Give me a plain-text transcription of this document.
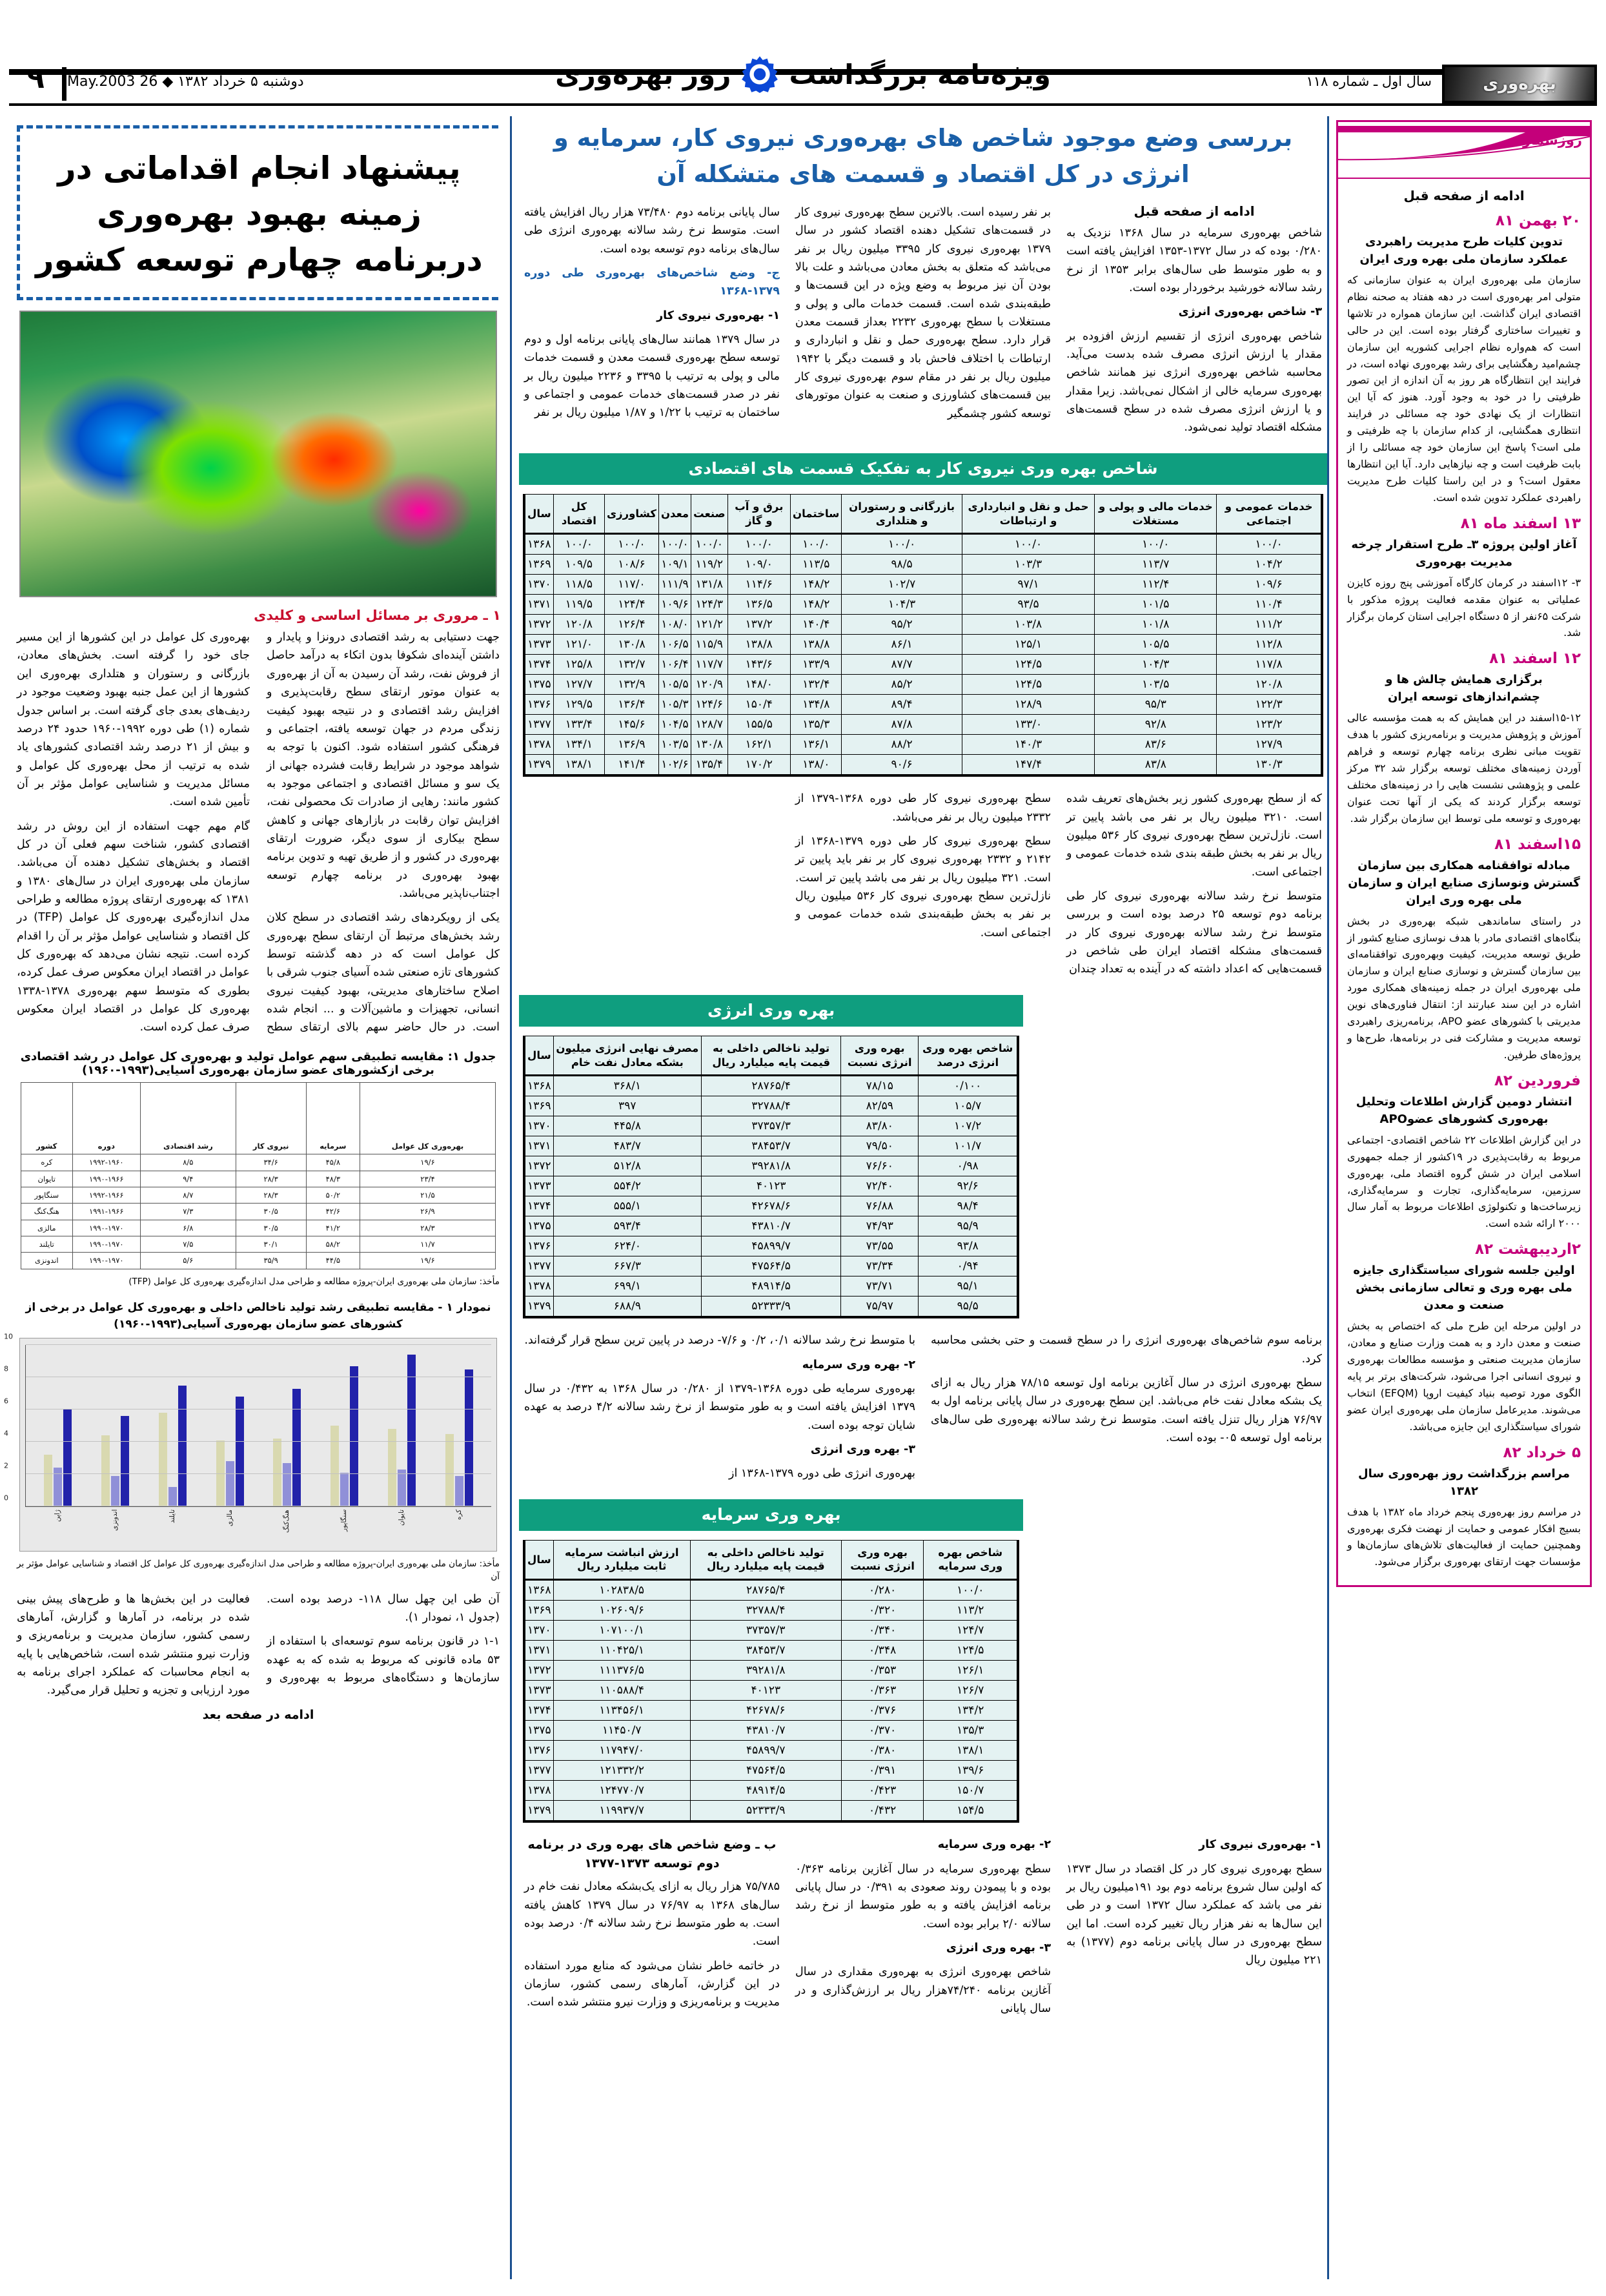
۹ دوشنبه ۵ خرداد ۱۳۸۲ ◆ 26 May.2003	ویژه‌نامه بزرگداشت
روز بهره‌وری	سال اول ـ شماره ۱۱۸	بهره‌وری
پیشنهاد انجام اقداماتی در زمینه بهبود بهره‌وری دربرنامه چهارم توسعه کشور
۱ ـ مروری بر مسائل اساسی و کلیدی

جهت دستیابی به رشد اقتصادی درونزا و پایدار و داشتن آینده‌ای شکوفا بدون اتکاء به درآمد حاصل از فروش نفت، رشد آن رسیدن به آن از بهره‌وری به عنوان موتور ارتقای سطح رقابت‌پذیری و افزایش رشد اقتصادی و در نتیجه بهبود کیفیت زندگی مردم در جهان توسعه یافته، اجتماعی و فرهنگی کشور استفاده شود. اکنون با توجه به شواهد موجود در شرایط رقابت فشرده جهانی از یک سو و مسائل اقتصادی و اجتماعی موجود به کشور مانند: رهایی از صادرات تک محصولی نفت، افزایش توان رقابت در بازارهای جهانی و کاهش سطح بیکاری از سوی دیگر، ضرورت ارتقای بهره‌وری در کشور و از طریق تهیه و تدوین برنامه بهبود بهره‌وری در برنامه چهارم توسعه اجتناب‌ناپذیر می‌باشد.

یکی از رویکردهای رشد اقتصادی در سطح کلان رشد بخش‌های مرتبط آن ارتقای سطح بهره‌وری کل عوامل است که در دهه گذشته توسط کشورهای تازه صنعتی شده آسیای جنوب شرقی با اصلاح ساختارهای مدیریتی، بهبود کیفیت نیروی انسانی، تجهیزات و ماشین‌آلات و ... انجام شده است. در حال حاضر سهم بالای ارتقای سطح بهره‌وری کل عوامل در این کشورها از این مسیر جای خود را گرفته است. بخش‌های معادن، بازرگانی و رستوران و هتلداری بهره‌وری این کشورها از این عمل جنبه بهبود وضعیت موجود در ردیف‌های بعدی جای گرفته است. بر اساس جدول شماره (۱) طی دوره ۱۹۹۲-۱۹۶۰ حدود ۲۴ درصد و بیش از ۲۱ درصد رشد اقتصادی کشورهای یاد شده به ترتیب از محل بهره‌وری کل عوامل و مسائل مدیریت و شناسایی عوامل مؤثر بر آن تأمین شده است.

گام مهم جهت استفاده از این روش در رشد اقتصادی کشور، شناخت سهم فعلی آن در کل اقتصاد و بخش‌های تشکیل دهنده آن می‌باشد. سازمان ملی بهره‌وری ایران در سال‌های ۱۳۸۰ و ۱۳۸۱ که بهره‌وری ارتقای پروژه مطالعه و طراحی مدل اندازه‌گیری بهره‌وری کل عوامل (TFP) در کل اقتصاد و شناسایی عوامل مؤثر بر آن را اقدام کرده است. نتیجه نشان می‌دهد که بهره‌وری کل عوامل در اقتصاد ایران معکوس صرف عمل کرده، بطوری که متوسط سهم بهره‌وری ۱۳۷۸-۱۳۳۸ بهره‌وری کل عوامل در اقتصاد ایران معکوس صرف عمل کرده است.

جدول ۱: مقایسه تطبیقی سهم عوامل تولید و بهره‌وری کل عوامل در رشد اقتصادی برخی ازکشورهای عضو سازمان بهره‌وری آسیایی(۱۹۹۳-۱۹۶۰)
بهره‌وری کل عوامل	سرمایه	نیروی کار	رشد اقتصادی	دوره	کشور
۱۹/۶	۴۵/۸	۳۴/۶	۸/۵	۱۹۹۲-۱۹۶۰	کره
۲۳/۴	۴۸/۳	۲۸/۳	۹/۴	۱۹۹۰-۱۹۶۶	تایوان
۲۱/۵	۵۰/۲	۲۸/۳	۸/۷	۱۹۹۲-۱۹۶۶	سنگاپور
۲۶/۹	۴۲/۶	۳۰/۵	۷/۳	۱۹۹۱-۱۹۶۶	هنگ‌کنگ
۲۸/۳	۴۱/۲	۳۰/۵	۶/۸	۱۹۹۰-۱۹۷۰	مالزی
۱۱/۷	۵۸/۲	۳۰/۱	۷/۵	۱۹۹۰-۱۹۷۰	تایلند
۱۹/۶	۴۴/۵	۳۵/۹	۵/۶	۱۹۹۰-۱۹۷۰	اندونزی
مأخذ: سازمان ملی بهره‌وری ایران-پروژه مطالعه و طراحی مدل اندازه‌گیری بهره‌وری کل عوامل (TFP)
نمودار ۱ - مقایسه تطبیقی رشد تولید ناخالص داخلی و بهره‌وری کل عوامل در برخی از کشورهای عضو سازمان بهره‌وری آسیایی(۱۹۹۳-۱۹۶۰)
0
2
4
6
8
10
کره
تایوان
سنگاپور
هنگ‌کنگ
مالزی
تایلند
اندونزی
ژاپن
مأخذ: سازمان ملی بهره‌وری ایران-پروژه مطالعه و طراحی مدل اندازه‌گیری بهره‌وری کل عوامل کل اقتصاد و شناسایی عوامل مؤثر بر آن

آن طی این چهل سال ۱۱۸- درصد بوده است. (جدول ۱، نمودار ۱).

۱-۱ در قانون برنامه سوم توسعه‌ای با استفاده از ۵۳ ماده قانونی که مربوط به شده که به عهده سازمان‌ها و دستگاه‌های مربوط به بهره‌وری و فعالیت در این بخش‌ها ها و طرح‌های پیش بینی شده در برنامه، در آمارها و گزارش، آمارهای رسمی کشور، سازمان مدیریت و برنامه‌ریزی و وزارت نیرو منتشر شده است، شاخص‌هایی با پایه به انجام محاسبات که عملکرد اجرای برنامه به مورد ارزیابی و تجزیه و تحلیل قرار می‌گیرد.

ادامه در صفحه بعد
بررسی وضع موجود شاخص های بهره‌وری نیروی کار، سرمایه و انرژی در کل اقتصاد و قسمت های متشکله آن
ادامه از صفحه قبل

شاخص بهره‌وری سرمایه در سال ۱۳۶۸ نزدیک به ۰/۲۸۰ بوده که در سال ۱۳۷۲-۱۳۵۳ افزایش یافته است و به طور متوسط طی سال‌های برابر ۱۳۵۳ از نرخ رشد سالانه خورشید برخوردار بوده است.

۳- شاخص بهره‌وری انرژی

شاخص بهره‌وری انرژی از تقسیم ارزش افزوده بر مقدار یا ارزش انرژی مصرف شده بدست می‌آید. محاسبه شاخص بهره‌وری انرژی نیز همانند شاخص بهره‌وری سرمایه خالی از اشکال نمی‌باشد. زیرا مقدار و یا ارزش انرژی مصرف شده در سطح قسمت‌های مشکله اقتصاد تولید نمی‌شود.

بر نفر رسیده است. بالاترین سطح بهره‌وری نیروی کار در قسمت‌های تشکیل دهنده اقتصاد کشور در سال ۱۳۷۹ بهره‌وری نیروی کار ۳۳۹۵ میلیون ریال بر نفر می‌باشد که متعلق به بخش معادن می‌باشد و علت بالا بودن آن نیز مربوط به وضع ویژه در این قسمت‌ها و طبقه‌بندی شده است. قسمت خدمات مالی و پولی و مستغلات با سطح بهره‌وری ۲۲۳۲ بعداز قسمت معدن قرار دارد. سطح بهره‌وری حمل و نقل و انبارداری و ارتباطات با اختلاف فاحش باد و قسمت دیگر با ۱۹۴۲ میلیون ریال بر نفر در مقام سوم بهره‌وری نیروی کار بین قسمت‌های کشاورزی و صنعت به عنوان موتورهای توسعه کشور چشمگیر

سال پایانی برنامه دوم ۷۳/۴۸۰ هزار ریال افزایش یافته است. متوسط نرخ رشد سالانه بهره‌وری انرژی طی سال‌های برنامه دوم توسعه بوده است.

ج- وضع شاخص‌های بهره‌وری طی دوره ۱۳۷۹-۱۳۶۸

۱- بهره‌وری نیروی کار

در سال ۱۳۷۹ همانند سال‌های پایانی برنامه اول و دوم توسعه سطح بهره‌وری قسمت معدن و قسمت خدمات مالی و پولی به ترتیب با ۳۳۹۵ و ۲۲۳۶ میلیون ریال بر نفر در صدر قسمت‌های خدمات عمومی و اجتماعی و ساختمان به ترتیب با ۱/۲۲ و ۱/۸۷ میلیون ریال بر نفر

شاخص بهره وری نیروی کار به تفکیک قسمت های اقتصادی
خدمات عمومی و اجتماعی	خدمات مالی و پولی و مستغلات	حمل و نقل و انبارداری و ارتباطات	بازرگانی و رستوران و هتلداری	ساختمان	برق و آب و گاز	صنعت	معدن	کشاورزی	کل اقتصاد	سال
۱۰۰/۰	۱۰۰/۰	۱۰۰/۰	۱۰۰/۰	۱۰۰/۰	۱۰۰/۰	۱۰۰/۰	۱۰۰/۰	۱۰۰/۰	۱۰۰/۰	۱۳۶۸
۱۰۴/۲	۱۱۳/۷	۱۰۳/۳	۹۸/۵	۱۱۳/۵	۱۰۹/۰	۱۱۹/۲	۱۰۹/۱	۱۰۸/۶	۱۰۹/۵	۱۳۶۹
۱۰۹/۶	۱۱۲/۴	۹۷/۱	۱۰۲/۷	۱۴۸/۲	۱۱۴/۶	۱۳۱/۸	۱۱۱/۹	۱۱۷/۰	۱۱۸/۵	۱۳۷۰
۱۱۰/۴	۱۰۱/۵	۹۳/۵	۱۰۴/۳	۱۴۸/۲	۱۳۶/۵	۱۲۴/۳	۱۰۹/۶	۱۲۴/۴	۱۱۹/۵	۱۳۷۱
۱۱۱/۲	۱۰۱/۸	۱۰۳/۸	۹۵/۲	۱۴۰/۴	۱۳۷/۲	۱۲۱/۲	۱۰۸/۰	۱۲۶/۴	۱۲۰/۸	۱۳۷۲
۱۱۲/۸	۱۰۵/۵	۱۲۵/۱	۸۶/۱	۱۳۸/۸	۱۳۸/۸	۱۱۵/۹	۱۰۶/۵	۱۳۰/۸	۱۲۱/۰	۱۳۷۳
۱۱۷/۸	۱۰۴/۳	۱۲۴/۵	۸۷/۷	۱۳۳/۹	۱۴۳/۶	۱۱۷/۷	۱۰۶/۴	۱۳۲/۷	۱۲۵/۸	۱۳۷۴
۱۲۰/۸	۱۰۳/۵	۱۲۴/۵	۸۵/۲	۱۳۲/۴	۱۴۸/۰	۱۲۰/۹	۱۰۵/۵	۱۳۲/۹	۱۲۷/۷	۱۳۷۵
۱۲۲/۳	۹۵/۳	۱۲۸/۹	۸۹/۴	۱۳۴/۸	۱۵۰/۴	۱۲۴/۶	۱۰۵/۳	۱۳۶/۴	۱۲۹/۵	۱۳۷۶
۱۲۳/۲	۹۲/۸	۱۳۳/۰	۸۷/۸	۱۳۵/۳	۱۵۵/۵	۱۲۸/۷	۱۰۴/۵	۱۴۵/۶	۱۳۳/۴	۱۳۷۷
۱۲۷/۹	۸۳/۶	۱۴۰/۳	۸۸/۲	۱۳۶/۱	۱۶۲/۱	۱۳۰/۸	۱۰۳/۵	۱۳۶/۹	۱۳۴/۱	۱۳۷۸
۱۳۰/۳	۸۳/۸	۱۴۷/۴	۹۰/۶	۱۳۸/۰	۱۷۰/۲	۱۳۵/۴	۱۰۲/۶	۱۴۱/۴	۱۳۸/۱	۱۳۷۹

که از سطح بهره‌وری کشور زیر بخش‌های تعریف شده است. ۳۲۱۰ میلیون ریال بر نفر می باشد پایین تر است. نازل‌ترین سطح بهره‌وری نیروی کار ۵۳۶ میلیون ریال بر نفر به بخش طبقه بندی شده خدمات عمومی و اجتماعی است.

متوسط نرخ رشد سالانه بهره‌وری نیروی کار طی برنامه دوم توسعه ۲۵ درصد بوده است و بررسی متوسط نرخ رشد سالانه بهره‌وری نیروی کار در قسمت‌های مشکله اقتصاد ایران طی شاخص در قسمت‌هایی که اعداد داشته که در آینده به تعداد چندان

سطح بهره‌وری نیروی کار طی دوره ۱۳۶۸-۱۳۷۹ از ۲۳۳۲ میلیون ریال بر نفر می‌باشد.

سطح بهره‌وری نیروی کار طی دوره ۱۳۷۹-۱۳۶۸ از ۲۱۴۲ و ۲۳۳۲ بهره‌وری نیروی کار بر نفر باید پایین تر است. ۳۲۱ میلیون ریال بر نفر می باشد پایین تر است. نازل‌ترین سطح بهره‌وری نیروی کار ۵۳۶ میلیون ریال بر نفر به بخش طبقه‌بندی شده خدمات عمومی و اجتماعی است.

بهره وری انرژی
شاخص بهره وری انرژی درصد	بهره وری انرژی نسبت	تولید ناخالص داخلی به قیمت پایه میلیارد ریال	مصرف نهایی انرژی میلیون بشکه معادل نفت خام	سال
۰/۱۰۰	۷۸/۱۵	۲۸۷۶۵/۴	۳۶۸/۱	۱۳۶۸
۱۰۵/۷	۸۲/۵۹	۳۲۷۸۸/۴	۳۹۷	۱۳۶۹
۱۰۷/۲	۸۳/۸۰	۳۷۳۵۷/۳	۴۴۵/۸	۱۳۷۰
۱۰۱/۷	۷۹/۵۰	۳۸۴۵۳/۷	۴۸۳/۷	۱۳۷۱
۰/۹۸	۷۶/۶۰	۳۹۲۸۱/۸	۵۱۲/۸	۱۳۷۲
۹۲/۶	۷۲/۴۰	۴۰۱۲۳	۵۵۴/۲	۱۳۷۳
۹۸/۴	۷۶/۸۸	۴۲۶۷۸/۶	۵۵۵/۱	۱۳۷۴
۹۵/۹	۷۴/۹۳	۴۳۸۱۰/۷	۵۹۳/۴	۱۳۷۵
۹۳/۸	۷۳/۵۵	۴۵۸۹۹/۷	۶۲۴/۰	۱۳۷۶
۰/۹۴	۷۳/۳۴	۴۷۵۶۴/۵	۶۶۷/۳	۱۳۷۷
۹۵/۱	۷۳/۷۱	۴۸۹۱۴/۵	۶۹۹/۱	۱۳۷۸
۹۵/۵	۷۵/۹۷	۵۲۳۳۳/۹	۶۸۸/۹	۱۳۷۹

برنامه سوم شاخص‌های بهره‌وری انرژی را در سطح قسمت و حتی بخشی محاسبه کرد.

سطح بهره‌وری انرژی در سال آغازین برنامه اول توسعه ۷۸/۱۵ هزار ریال به ازای یک بشکه معادل نفت خام می‌باشد. این سطح بهره‌وری در سال پایانی برنامه اول به ۷۶/۹۷ هزار ریال تنزل یافته است. متوسط نرخ رشد سالانه بهره‌وری طی سال‌های برنامه اول توسعه ۰۵- بوده است.

با متوسط نرخ رشد سالانه ۰/۱، ۰/۲ و ۷/۶- درصد در پایین ترین سطح قرار گرفته‌اند.

۲- بهره وری سرمایه

بهره‌وری سرمایه طی دوره ۱۳۶۸-۱۳۷۹ از ۰/۲۸۰ در سال ۱۳۶۸ به ۰/۴۳۲ در سال ۱۳۷۹ افزایش یافته است و به طور متوسط از نرخ رشد سالانه ۴/۲ درصد به عهده شایان توجه بوده است.

۳- بهره وری انرژی

بهره‌وری انرژی طی دوره ۱۳۷۹-۱۳۶۸ از

بهره وری سرمایه
شاخص بهره وری سرمایه	بهره وری انرژی نسبت	تولید ناخالص داخلی به قیمت پایه میلیارد ریال	ارزش انباشت سرمایه ثابت میلیارد ریال	سال
۱۰۰/۰	۰/۲۸۰	۲۸۷۶۵/۴	۱۰۲۸۳۸/۵	۱۳۶۸
۱۱۳/۲	۰/۳۲۰	۳۲۷۸۸/۴	۱۰۲۶۰۹/۶	۱۳۶۹
۱۲۴/۷	۰/۳۴۰	۳۷۳۵۷/۳	۱۰۷۱۰۰/۱	۱۳۷۰
۱۲۴/۵	۰/۳۴۸	۳۸۴۵۳/۷	۱۱۰۴۲۵/۱	۱۳۷۱
۱۲۶/۱	۰/۳۵۳	۳۹۲۸۱/۸	۱۱۱۳۷۶/۵	۱۳۷۲
۱۲۶/۷	۰/۳۶۳	۴۰۱۲۳	۱۱۰۵۸۸/۴	۱۳۷۳
۱۳۴/۲	۰/۳۷۶	۴۲۶۷۸/۶	۱۱۳۴۵۶/۱	۱۳۷۴
۱۳۵/۳	۰/۳۷۰	۴۳۸۱۰/۷	۱۱۴۵۰/۷	۱۳۷۵
۱۳۸/۱	۰/۳۸۰	۴۵۸۹۹/۷	۱۱۷۹۴۷/۰	۱۳۷۶
۱۳۹/۶	۰/۳۹۱	۴۷۵۶۴/۵	۱۲۱۳۳۲/۲	۱۳۷۷
۱۵۰/۷	۰/۴۲۳	۴۸۹۱۴/۵	۱۲۴۷۷۰/۷	۱۳۷۸
۱۵۴/۵	۰/۴۳۲	۵۲۳۳۳/۹	۱۱۹۹۳۷/۷	۱۳۷۹

۱- بهره‌وری نیروی کار

سطح بهره‌وری نیروی کار در کل اقتصاد در سال ۱۳۷۳ که اولین سال شروع برنامه دوم بود ۱۹۱میلیون ریال بر نفر می باشد که عملکرد سال ۱۳۷۲ است و در طی این سال‌ها به نفر هزار ریال تغییر کرده است. اما این سطح بهره‌وری در سال پایانی برنامه دوم (۱۳۷۷) به ۲۲۱ میلیون ریال

۲- بهره وری سرمایه

سطح بهره‌وری سرمایه در سال آغازین برنامه ۰/۳۶۳ بوده و با پیمودن روند صعودی به ۰/۳۹۱ در سال پایانی برنامه افزایش یافته و به طور متوسط از نرخ رشد سالانه ۲/۰ برابر بوده است.

۳- بهره وری انرژی

شاخص بهره‌وری انرژی به بهره‌وری مقداری در سال آغازین برنامه ۷۴/۲۴۰هزار ریال بر ارزش‌گذاری و در سال پایانی

ب ـ وضع شاخص های بهره وری در برنامه دوم توسعه ۱۳۷۳-۱۳۷۷

۷۵/۷۸۵ هزار ریال به ازای یک‌بشکه معادل نفت خام در سال‌های ۱۳۶۸ به ۷۶/۹۷ در سال ۱۳۷۹ کاهش یافته است. به طور متوسط نرخ رشد سالانه ۰/۴ درصد بوده است.

در خاتمه خاطر نشان می‌شود که منابع مورد استفاده در این گزارش، آمارهای رسمی کشور، سازمان مدیریت و برنامه‌ریزی و وزارت نیرو منتشر شده است.

روزشمار
ادامه از صفحه قبل
۲۰ بهمن ۸۱
تدوین کلیات طرح مدیریت راهبردی عملکرد سازمان ملی بهره وری ایران

سازمان ملی بهره‌وری ایران به عنوان سازمانی که متولی امر بهره‌وری است در دهه هفتاد به صحنه نظام اقتصادی ایران گذاشت. این سازمان همواره در تلاشها و تغییرات ساختاری گرفتار بوده است. این در حالی است که هم‌واره نظام اجرایی کشوریه این سازمان چشم‌امید رهگشایی برای رشد بهره‌وری نهاده است، در فرایند این انتظارگاه هر روز به آن اندازه از این تصور ظرفیتی را در خود به وجود آورد. هنوز که آیا این انتظارات از یک نهادی خود چه مسائلی در فرایند انتظاری همگشایی، از کدام سازمان با چه ظرفیتی و ملی است؟ پاسخ این سازمان خود چه مسائلی را از بابت ظرفیت است و چه نیازهایی دارد. آیا این انتظارها معقول است؟ و در این راستا کلیات طرح مدیریت راهبردی عملکرد تدوین شده است.

۱۳ اسفند ماه ۸۱
آغاز اولین پروژه ۳ـ طرح استقرار چرخه مدیریت بهره‌وری

۳- ۱۲اسفند در کرمان کارگاه آموزشی پنج روزه کایزن عملیاتی به عنوان مقدمه فعالیت پروژه مذکور با شرکت ۶۵نفر از ۵ دستگاه اجرایی استان کرمان برگزار شد.

۱۲ اسفند ۸۱
برگزاری همایش چالش ها و چشم‌اندازهای توسعه ایران

۱۵-۱۲اسفند در این همایش که به همت مؤسسه عالی آموزش و پژوهش مدیریت و برنامه‌ریزی کشور با هدف تقویت مبانی نظری برنامه چهارم توسعه و فراهم آوردن زمینه‌های مختلف توسعه برگزار شد ۳۲ مرکز علمی و پژوهشی نشست هایی را در زمینه‌های مختلف توسعه برگزار کردند که یکی از آنها تحت عنوان بهره‌وری و توسعه ملی توسط این سازمان برگزار شد.

۱۵اسفند ۸۱
مبادله توافقنامه همکاری بین سازمان گسترش ونوسازی صنایع ایران و سازمان ملی بهره وری ایران

در راستای ساماندهی شبکه بهره‌وری در بخش بنگاه‌های اقتصادی مادر با هدف نوسازی صنایع کشور از طریق توسعه مدیریت، کیفیت وبهره‌وری توافقنامه‌ای بین سازمان گسترش و نوسازی صنایع ایران و سازمان ملی بهره‌وری ایران در جمله زمینه‌های همکاری مورد اشاره در این سند عبارتند از: انتقال فناوری‌های نوین مدیریتی با کشورهای عضو APO، برنامه‌ریزی راهبردی توسعه مدیریت و مشارکت فنی در برنامه‌ها، طرح‌ها و پروژه‌های طرفین.

فروردین ۸۲
انتشار دومین گزارش اطلاعات وتحلیل بهره‌وری کشورهای عضوAPO

در این گزارش اطلاعات ۲۲ شاخص اقتصادی- اجتماعی مربوط به رقابت‌پذیری در ۱۹کشور از جمله جمهوری اسلامی ایران در شش گروه اقتصاد ملی، بهره‌وری سرزمین، سرمایه‌گذاری، تجارت و سرمایه‌گذاری، زیرساخت‌ها و تکنولوژی اطلاعات مربوط به آمار سال ۲۰۰۰ ارائه شده است.

۲اردیبهشت ۸۲
اولین جلسه شورای سیاستگذاری جایزه ملی بهره وری و تعالی سازمانی بخش صنعت و معدن

در اولین مرحله این طرح ملی که اختصاص به بخش صنعت و معدن دارد و به همت وزارت صنایع و معادن، سازمان مدیریت صنعتی و مؤسسه مطالعات بهره‌وری و نیروی انسانی اجرا می‌شود، شرکت‌های برتر بر پایه الگوی مورد توصیه بنیاد کیفیت اروپا (EFQM) انتخاب می‌شوند. مدیرعامل سازمان ملی بهره‌وری ایران عضو شورای سیاستگذاری این جایزه می‌باشد.

۵ خرداد ۸۲
مراسم بزرگداشت روز بهره‌وری سال ۱۳۸۲

در مراسم روز بهره‌وری پنجم خرداد ماه ۱۳۸۲ با هدف بسیج افکار عمومی و حمایت از نهضت فکری بهره‌وری وهمچنین حمایت از فعالیت‌های تلاش‌های سازمان‌ها و مؤسسات جهت ارتقای بهره‌وری برگزار می‌شود.
